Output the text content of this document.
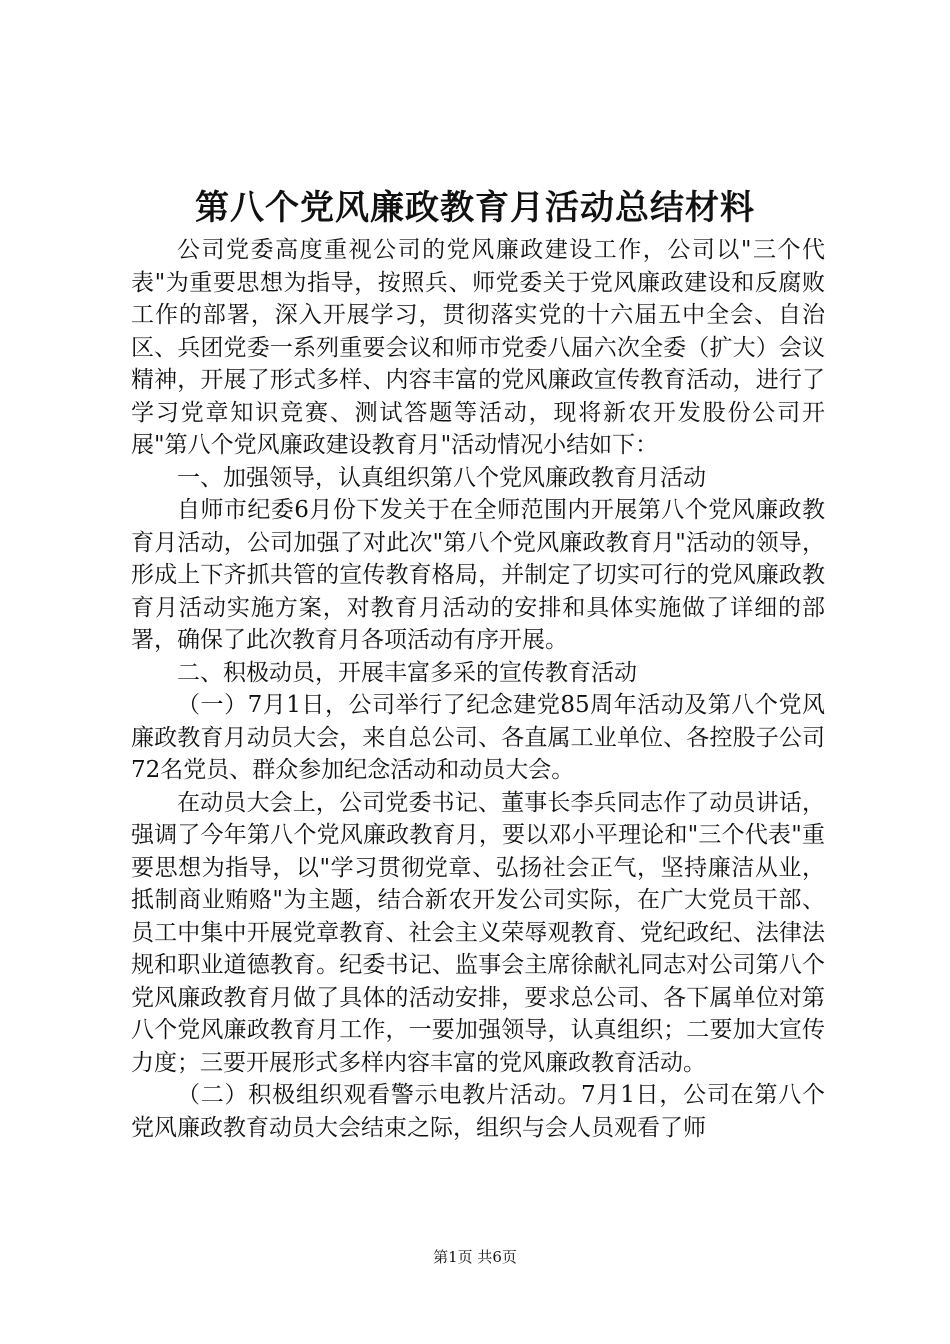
第八个党风廉政教育月活动总结材料

公司党委高度重视公司的党风廉政建设工作，公司以"三个代表"为重要思想为指导，按照兵、师党委关于党风廉政建设和反腐败工作的部署，深入开展学习，贯彻落实党的十六届五中全会、自治区、兵团党委一系列重要会议和师市党委八届六次全委（扩大）会议精神，开展了形式多样、内容丰富的党风廉政宣传教育活动，进行了学习党章知识竞赛、测试答题等活动，现将新农开发股份公司开展"第八个党风廉政建设教育月"活动情况小结如下：

一、加强领导，认真组织第八个党风廉政教育月活动

自师市纪委6月份下发关于在全师范围内开展第八个党风廉政教育月活动，公司加强了对此次"第八个党风廉政教育月"活动的领导，形成上下齐抓共管的宣传教育格局，并制定了切实可行的党风廉政教育月活动实施方案，对教育月活动的安排和具体实施做了详细的部署，确保了此次教育月各项活动有序开展。

二、积极动员，开展丰富多采的宣传教育活动

（一）7月1日，公司举行了纪念建党85周年活动及第八个党风廉政教育月动员大会，来自总公司、各直属工业单位、各控股子公司72名党员、群众参加纪念活动和动员大会。

在动员大会上，公司党委书记、董事长李兵同志作了动员讲话，强调了今年第八个党风廉政教育月，要以邓小平理论和"三个代表"重要思想为指导，以"学习贯彻党章、弘扬社会正气，坚持廉洁从业，抵制商业贿赂"为主题，结合新农开发公司实际，在广大党员干部、员工中集中开展党章教育、社会主义荣辱观教育、党纪政纪、法律法规和职业道德教育。纪委书记、监事会主席徐献礼同志对公司第八个党风廉政教育月做了具体的活动安排，要求总公司、各下属单位对第八个党风廉政教育月工作，一要加强领导，认真组织；二要加大宣传力度；三要开展形式多样内容丰富的党风廉政教育活动。

（二）积极组织观看警示电教片活动。7月1日，公司在第八个党风廉政教育动员大会结束之际，组织与会人员观看了师

第1页 共6页
